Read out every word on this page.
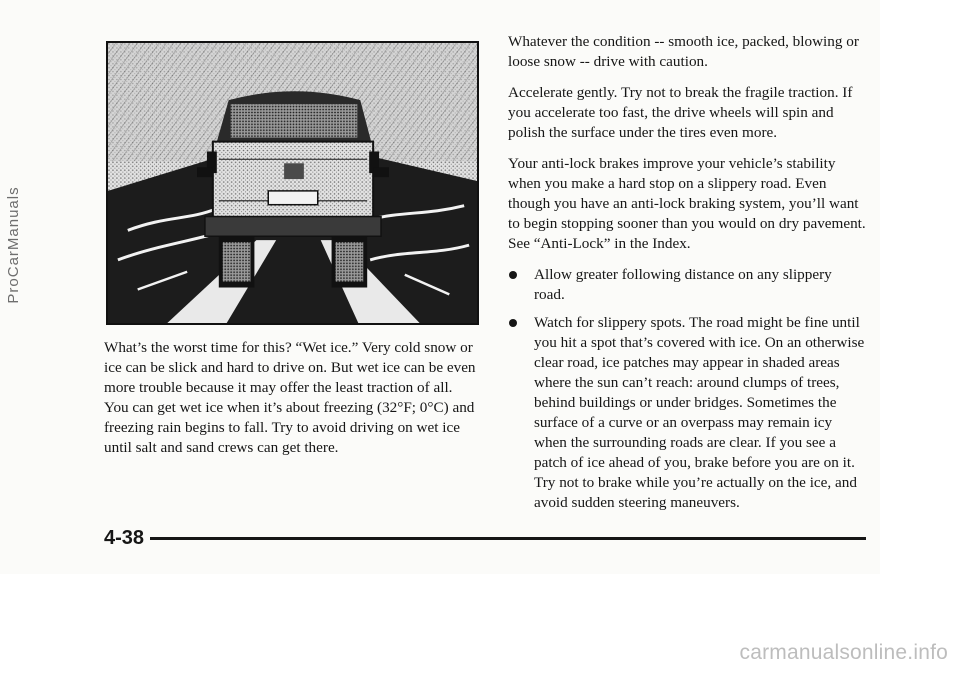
ProCarManuals

What’s the worst time for this? “Wet ice.” Very cold snow or ice can be slick and hard to drive on. But wet ice can be even more trouble because it may offer the least traction of all. You can get wet ice when it’s about freezing (32°F; 0°C) and freezing rain begins to fall. Try to avoid driving on wet ice until salt and sand crews can get there.

Whatever the condition -- smooth ice, packed, blowing or loose snow -- drive with caution.

Accelerate gently. Try not to break the fragile traction. If you accelerate too fast, the drive wheels will spin and polish the surface under the tires even more.

Your anti-lock brakes improve your vehicle’s stability when you make a hard stop on a slippery road. Even though you have an anti-lock braking system, you’ll want to begin stopping sooner than you would on dry pavement. See “Anti-Lock” in the Index.

Allow greater following distance on any slippery road.
Watch for slippery spots. The road might be fine until you hit a spot that’s covered with ice. On an otherwise clear road, ice patches may appear in shaded areas where the sun can’t reach: around clumps of trees, behind buildings or under bridges. Sometimes the surface of a curve or an overpass may remain icy when the surrounding roads are clear. If you see a patch of ice ahead of you, brake before you are on it. Try not to brake while you’re actually on the ice, and avoid sudden steering maneuvers.
4-38
carmanualsonline.info
